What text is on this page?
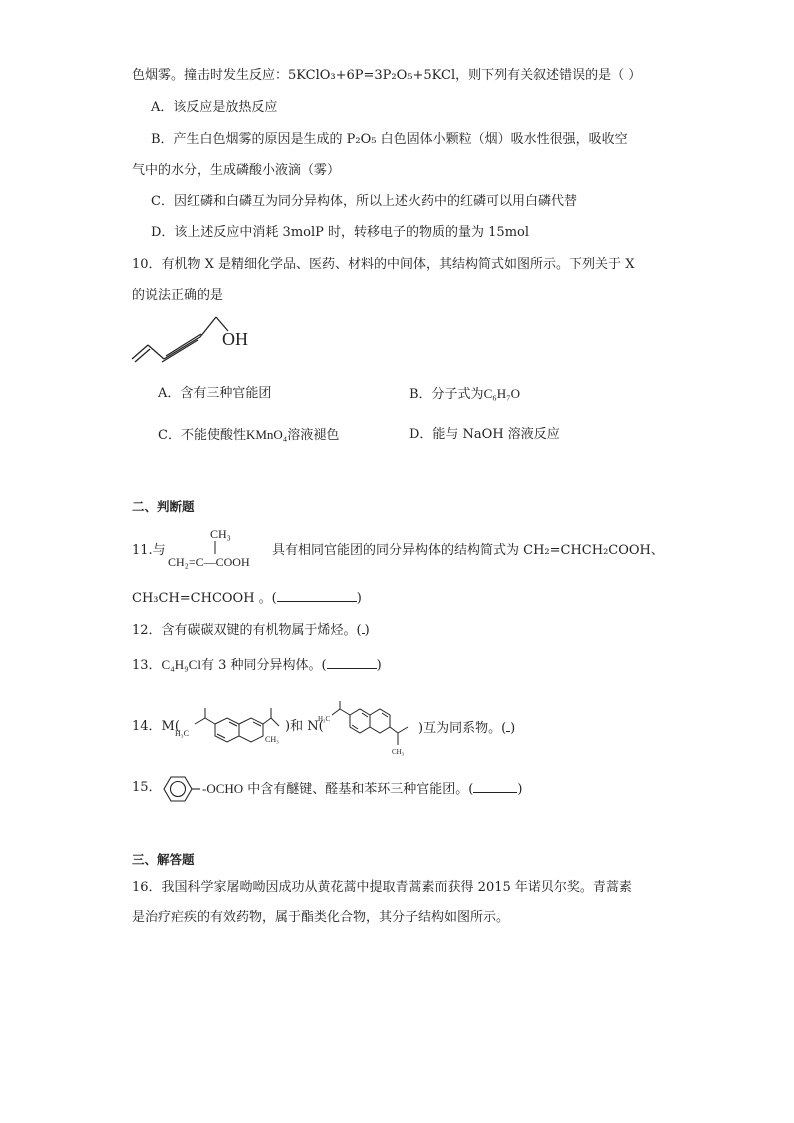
色烟雾。撞击时发生反应：5KClO₃+6P=3P₂O₅+5KCl，则下列有关叙述错误的是（ ）
A．该反应是放热反应
B．产生白色烟雾的原因是生成的 P₂O₅ 白色固体小颗粒（烟）吸水性很强，吸收空
气中的水分，生成磷酸小液滴（雾）
C．因红磷和白磷互为同分异构体，所以上述火药中的红磷可以用白磷代替
D．该上述反应中消耗 3molP 时，转移电子的物质的量为 15mol
10．有机物 X 是精细化学品、医药、材料的中间体，其结构简式如图所示。下列关于 X
的说法正确的是
OH
A．含有三种官能团	B．分子式为C₆H₇O
C．不能使酸性KMnO₄溶液褪色	D．能与 NaOH 溶液反应
二、判断题
11.与
CH₃
CH₂=C—COOH
具有相同官能团的同分异构体的结构简式为 CH₂=CHCH₂COOH、
CH₃CH=CHCOOH 。(	)
12．含有碳碳双键的有机物属于烯烃。( )
13．C₄H₉Cl有 3 种同分异构体。(	)
14．M(
H₃C
CH₃
)和 N(
H₃C
CH₃
)互为同系物。( )
15．	-OCHO 中含有醚键、醛基和苯环三种官能团。(	)
三、解答题
16．我国科学家屠呦呦因成功从黄花蒿中提取青蒿素而获得 2015 年诺贝尔奖。青蒿素
是治疗疟疾的有效药物，属于酯类化合物，其分子结构如图所示。
